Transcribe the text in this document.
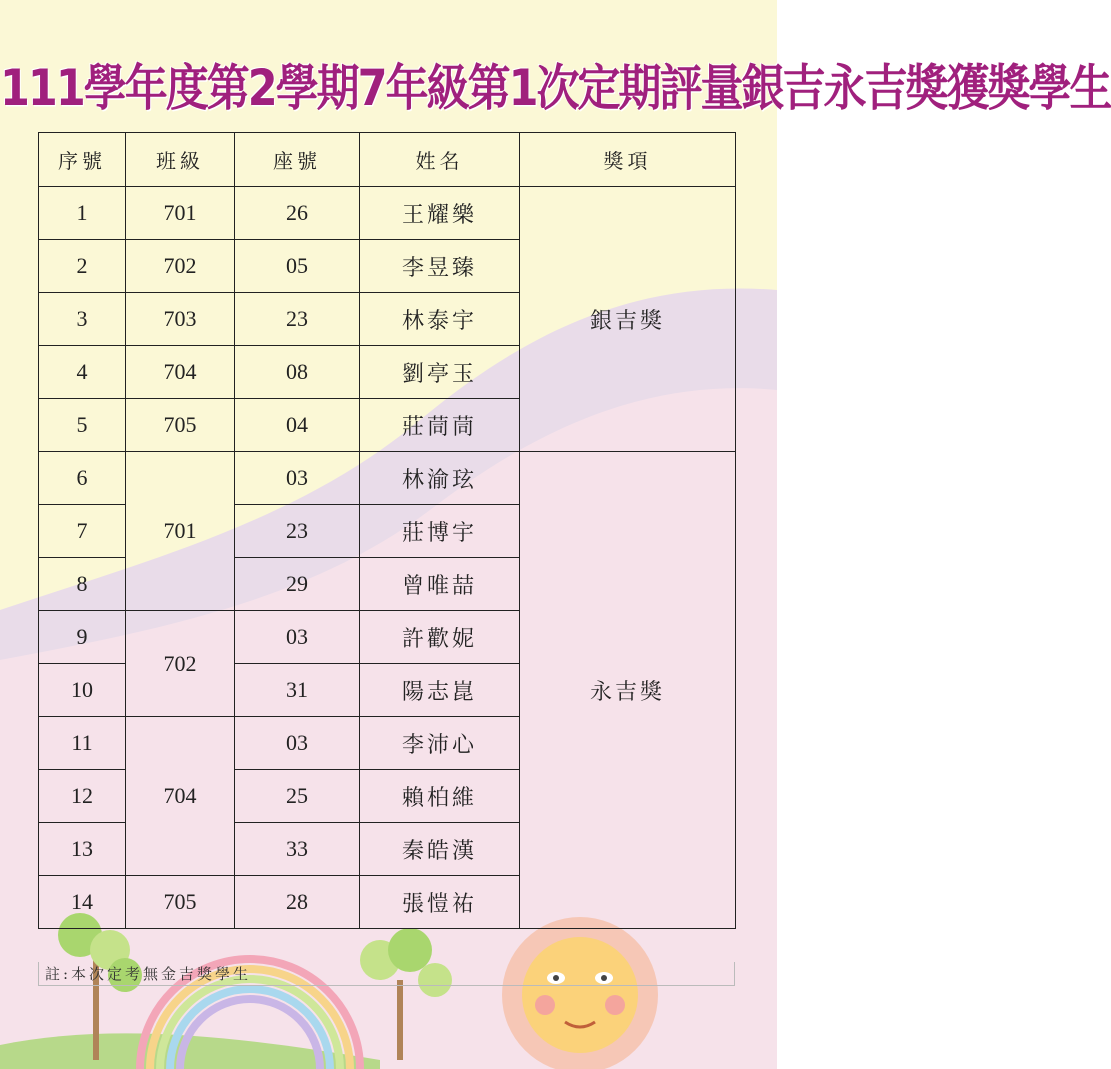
111學年度第2學期7年級第1次定期評量銀吉永吉獎獲獎學生
序號	班級	座號	姓名	獎項
1	701	26	王耀樂	銀吉獎
2	702	05	李昱臻	
3	703	23	林泰宇	
4	704	08	劉亭玉	
5	705	04	莊茼茼	
6	701	03	林渝玹	永吉獎
7		23	莊博宇	
8		29	曾唯喆	
9	702	03	許歡妮	
10		31	陽志崑	
11	704	03	李沛心	
12		25	賴柏維	
13		33	秦皓漢	
14	705	28	張愷祐	
註:本次定考無金吉獎學生
